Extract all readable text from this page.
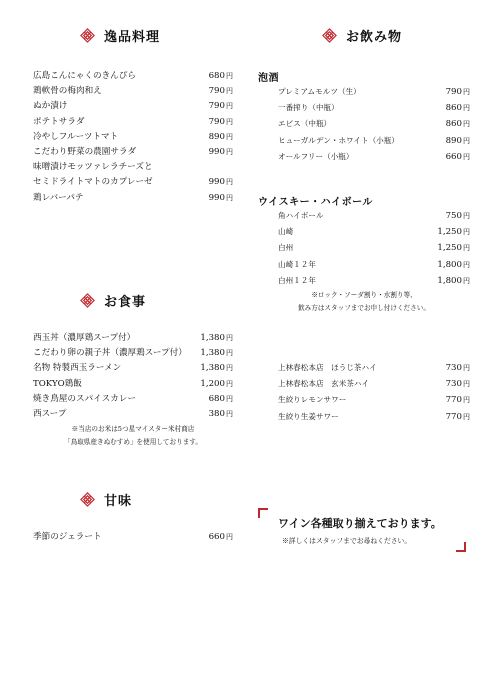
逸品料理
広島こんにゃくのきんぴら	680円
鶏軟骨の梅肉和え	790円
ぬか漬け	790円
ポテトサラダ	790円
冷やしフルーツトマト	890円
こだわり野菜の農園サラダ	990円
味噌漬けモッツァレラチーズと
セミドライトマトのカプレーゼ	990円
鶏レバーパテ	990円
お食事
西玉丼（濃厚鶏スープ付）	1,380円
こだわり卵の親子丼（濃厚鶏スープ付） 1,380円
名物 特製西玉ラーメン	1,380円
TOKYO鶏飯	1,200円
焼き鳥屋のスパイスカレー	680円
西スープ	380円
※当店のお米は5つ星マイスター米村商店
「鳥取県産きぬむすめ」を使用しております。
甘味
季節のジェラート	660円
お飲み物
泡酒
プレミアムモルツ（生）	790円
一番搾り（中瓶）	860円
エビス（中瓶）	860円
ヒューガルデン・ホワイト（小瓶）	890円
オールフリー（小瓶）	660円
ウイスキー・ハイボール
角ハイボール	750円
山崎	1,250円
白州	1,250円
山崎１２年	1,800円
白州１２年	1,800円
※ロック・ソーダ割り・水割り等、
飲み方はスタッフまでお申し付けください。
上林春松本店　ほうじ茶ハイ	730円
上林春松本店　玄米茶ハイ	730円
生絞りレモンサワー	770円
生絞り生姜サワー	770円
ワイン各種取り揃えております。
※詳しくはスタッフまでお尋ねください。
